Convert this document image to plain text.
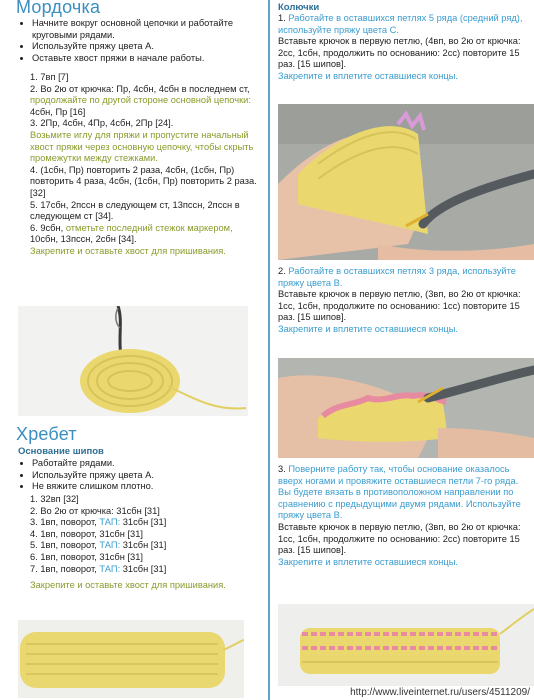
Мордочка
• Начните вокруг основной цепочки и работайте круговыми рядами.
• Используйте пряжу цвета А.
• Оставьте хвост пряжи в начале работы.

1. 7вп [7]

2. Во 2ю от крючка: Пр, 4сбн, 4сбн в последнем ст, продолжайте по другой стороне основной цепочки: 4сбн, Пр [16]

3. 2Пр, 4сбн, 4Пр, 4сбн, 2Пр [24].

Возьмите иглу для пряжи и пропустите начальный хвост пряжи через основную цепочку, чтобы скрыть промежутки между стежками.

4. (1сбн, Пр) повторить 2 раза, 4сбн, (1сбн, Пр) повторить 4 раза, 4сбн, (1сбн, Пр) повторить 2 раза. [32]

5. 17сбн, 2пссн в следующем ст, 13пссн, 2пссн в следующем ст [34].

6. 9сбн, отметьте последний стежок маркером, 10сбн, 13пссн, 2сбн [34].

Закрепите и оставьте хвост для пришивания.

Хребет
Основание шипов
• Работайте рядами.
• Используйте пряжу цвета А.
• Не вяжите слишком плотно.

1. 32вп [32]

2. Во 2ю от крючка: 31сбн [31]

3. 1вп, поворот, ТАП: 31сбн [31]

4. 1вп, поворот, 31сбн [31]

5. 1вп, поворот, ТАП: 31сбн [31]

6. 1вп, поворот, 31сбн [31]

7. 1вп, поворот, ТАП: 31сбн [31]

Закрепите и оставьте хвост для пришивания.
Колючки

1. Работайте в оставшихся петлях 5 ряда (средний ряд), используйте пряжу цвета С.

Вставьте крючок в первую петлю, (4вп, во 2ю от крючка: 2сс, 1сбн, продолжить по основанию: 2сс) повторите 15 раз. [15 шипов].

Закрепите и вплетите оставшиеся концы.

2. Работайте в оставшихся петлях 3 ряда, используйте пряжу цвета В.

Вставьте крючок в первую петлю, (3вп, во 2ю от крючка: 1сс, 1сбн, продолжите по основанию: 1сс) повторите 15 раз. [15 шипов].

Закрепите и вплетите оставшиеся концы.

3. Поверните работу так, чтобы основание оказалось вверх ногами и провяжите оставшиеся петли 7-го ряда. Вы будете вязать в противоположном направлении по сравнению с предыдущими двумя рядами. Используйте пряжу цвета В.

Вставьте крючок в первую петлю, (3вп, во 2ю от крючка: 1сс, 1сбн, продолжите по основанию: 2сс) повторите 15 раз. [15 шипов].

Закрепите и вплетите оставшиеся концы.

http://www.liveinternet.ru/users/4511209/
